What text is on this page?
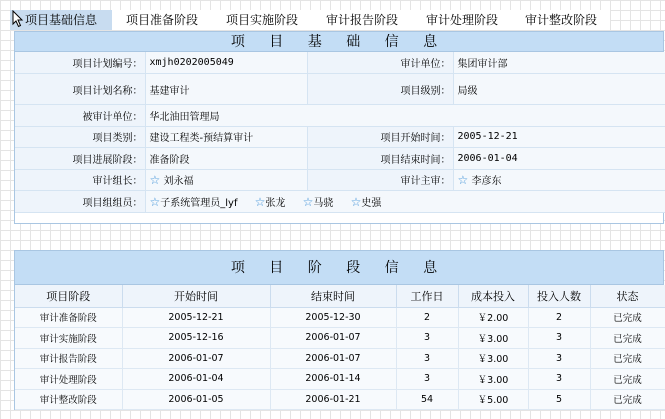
项目基础信息	项目准备阶段	项目实施阶段	审计报告阶段	审计处理阶段	审计整改阶段
项 目 基 础 信 息
项目计划编号：	xmjh0202005049	审计单位：	集团审计部
项目计划名称：	基建审计	项目级别：	局级
被审计单位：	华北油田管理局		
项目类别：	建设工程类-预结算审计	项目开始时间：	2005-12-21
项目进展阶段：	准备阶段	项目结束时间：	2006-01-04
审计组长：	☆ 刘永福	审计主审：	☆ 李彦东
项目组组员：	☆子系统管理员_lyf ☆张龙 ☆马骁 ☆史强		
项 目 阶 段 信 息
项目阶段	开始时间	结束时间	工作日	成本投入	投入人数	状态
审计准备阶段	2005-12-21	2005-12-30	2	￥2.00	2	已完成
审计实施阶段	2005-12-16	2006-01-07	3	￥3.00	3	已完成
审计报告阶段	2006-01-07	2006-01-07	3	￥3.00	3	已完成
审计处理阶段	2006-01-04	2006-01-14	3	￥3.00	3	已完成
审计整改阶段	2006-01-05	2006-01-21	54	￥5.00	5	已完成
